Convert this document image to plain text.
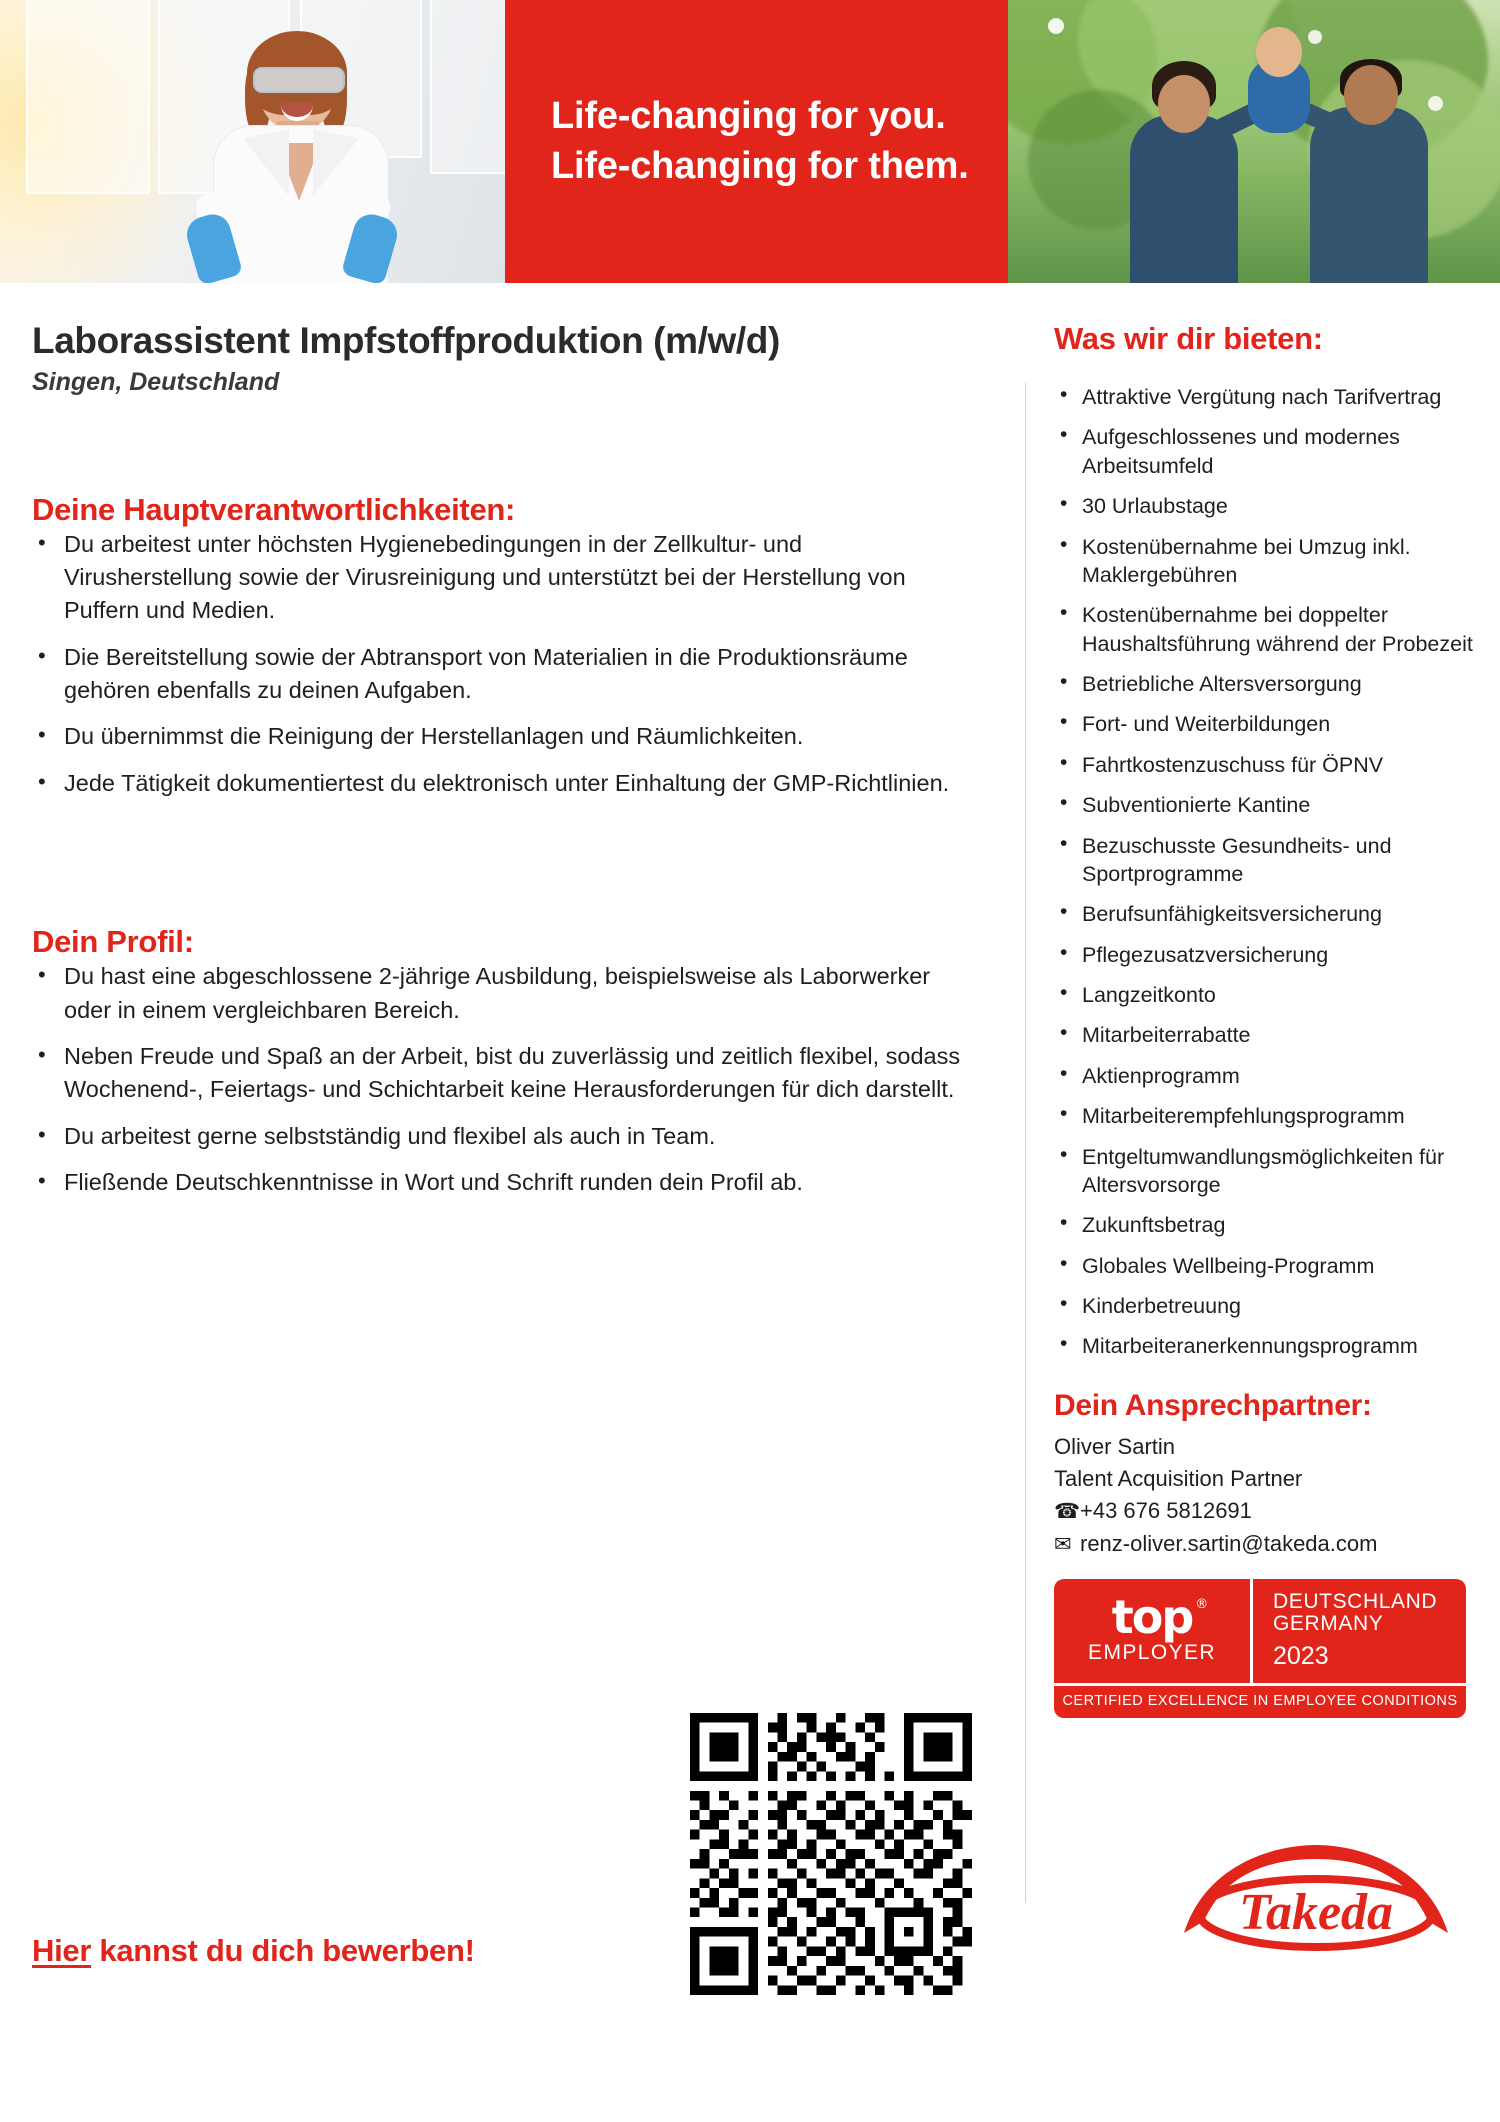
Life-changing for you.
Life-changing for them.
Laborassistent Impfstoffproduktion (m/w/d)
Singen, Deutschland
Deine Hauptverantwortlichkeiten:
• Du arbeitest unter höchsten Hygienebedingungen in der Zellkultur- und Virusherstellung sowie der Virusreinigung und unterstützt bei der Herstellung von Puffern und Medien.
• Die Bereitstellung sowie der Abtransport von Materialien in die Produktionsräume gehören ebenfalls zu deinen Aufgaben.
• Du übernimmst die Reinigung der Herstellanlagen und Räumlichkeiten.
• Jede Tätigkeit dokumentiertest du elektronisch unter Einhaltung der GMP-Richtlinien.
Dein Profil:
• Du hast eine abgeschlossene 2-jährige Ausbildung, beispielsweise als Laborwerker oder in einem vergleichbaren Bereich.
• Neben Freude und Spaß an der Arbeit, bist du zuverlässig und zeitlich flexibel, sodass Wochenend-, Feiertags- und Schichtarbeit keine Herausforderungen für dich darstellt.
• Du arbeitest gerne selbstständig und flexibel als auch in Team.
• Fließende Deutschkenntnisse in Wort und Schrift runden dein Profil ab.
Was wir dir bieten:
• Attraktive Vergütung nach Tarifvertrag
• Aufgeschlossenes und modernes Arbeitsumfeld
• 30 Urlaubstage
• Kostenübernahme bei Umzug inkl. Maklergebühren
• Kostenübernahme bei doppelter Haushaltsführung während der Probezeit
• Betriebliche Altersversorgung
• Fort- und Weiterbildungen
• Fahrtkostenzuschuss für ÖPNV
• Subventionierte Kantine
• Bezuschusste Gesundheits- und Sportprogramme
• Berufsunfähigkeitsversicherung
• Pflegezusatzversicherung
• Langzeitkonto
• Mitarbeiterrabatte
• Aktienprogramm
• Mitarbeiterempfehlungsprogramm
• Entgeltumwandlungsmöglichkeiten für Altersvorsorge
• Zukunftsbetrag
• Globales Wellbeing-Programm
• Kinderbetreuung
• Mitarbeiteranerkennungsprogramm
Dein Ansprechpartner:
Oliver Sartin
Talent Acquisition Partner
☎+43 676 5812691
✉ renz-oliver.sartin@takeda.com
top ®
EMPLOYER
DEUTSCHLAND
GERMANY
2023
CERTIFIED EXCELLENCE IN EMPLOYEE CONDITIONS
Hier kannst du dich bewerben!
Takeda
